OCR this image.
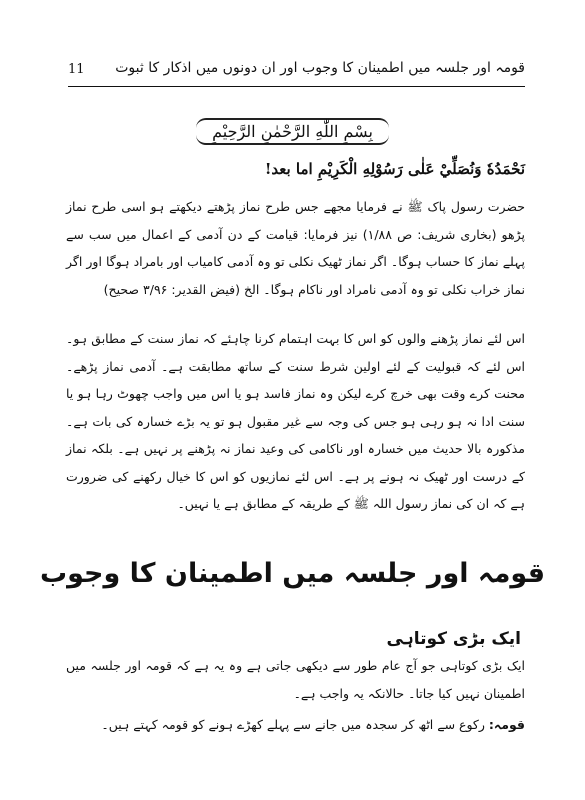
11 قومہ اور جلسہ میں اطمینان کا وجوب اور ان دونوں میں اذکار کا ثبوت
بِسْمِ اللّٰهِ الرَّحْمٰنِ الرَّحِيْمِ
نَحْمَدُهٗ وَنُصَلِّيْ عَلٰى رَسُوْلِهِ الْكَرِيْمِ اما بعد!
حضرت رسول پاک ﷺ نے فرمایا مجھے جس طرح نماز پڑھتے دیکھتے ہو اسی طرح نماز پڑھو (بخاری شریف: ص ۱/۸۸) نیز فرمایا: قیامت کے دن آدمی کے اعمال میں سب سے پہلے نماز کا حساب ہوگا۔ اگر نماز ٹھیک نکلی تو وہ آدمی کامیاب اور بامراد ہوگا اور اگر نماز خراب نکلی تو وہ آدمی نامراد اور ناکام ہوگا۔ الخ (فیض القدیر: ۳/۹۶ صحیح)
اس لئے نماز پڑھنے والوں کو اس کا بہت اہتمام کرنا چاہئے کہ نماز سنت کے مطابق ہو۔ اس لئے کہ قبولیت کے لئے اولین شرط سنت کے ساتھ مطابقت ہے۔ آدمی نماز پڑھے۔ محنت کرے وقت بھی خرچ کرے لیکن وہ نماز فاسد ہو یا اس میں واجب چھوٹ رہا ہو یا سنت ادا نہ ہو رہی ہو جس کی وجہ سے غیر مقبول ہو تو یہ بڑے خسارہ کی بات ہے۔ مذکورہ بالا حدیث میں خسارہ اور ناکامی کی وعید نماز نہ پڑھنے پر نہیں ہے۔ بلکہ نماز کے درست اور ٹھیک نہ ہونے پر ہے۔ اس لئے نمازیوں کو اس کا خیال رکھنے کی ضرورت ہے کہ ان کی نماز رسول اللہ ﷺ کے طریقہ کے مطابق ہے یا نہیں۔
قومہ اور جلسہ میں اطمینان کا وجوب
ایک بڑی کوتاہی
ایک بڑی کوتاہی جو آج عام طور سے دیکھی جاتی ہے وہ یہ ہے کہ قومہ اور جلسہ میں اطمینان نہیں کیا جاتا۔ حالانکہ یہ واجب ہے۔
قومہ: رکوع سے اٹھ کر سجدہ میں جانے سے پہلے کھڑے ہونے کو قومہ کہتے ہیں۔
